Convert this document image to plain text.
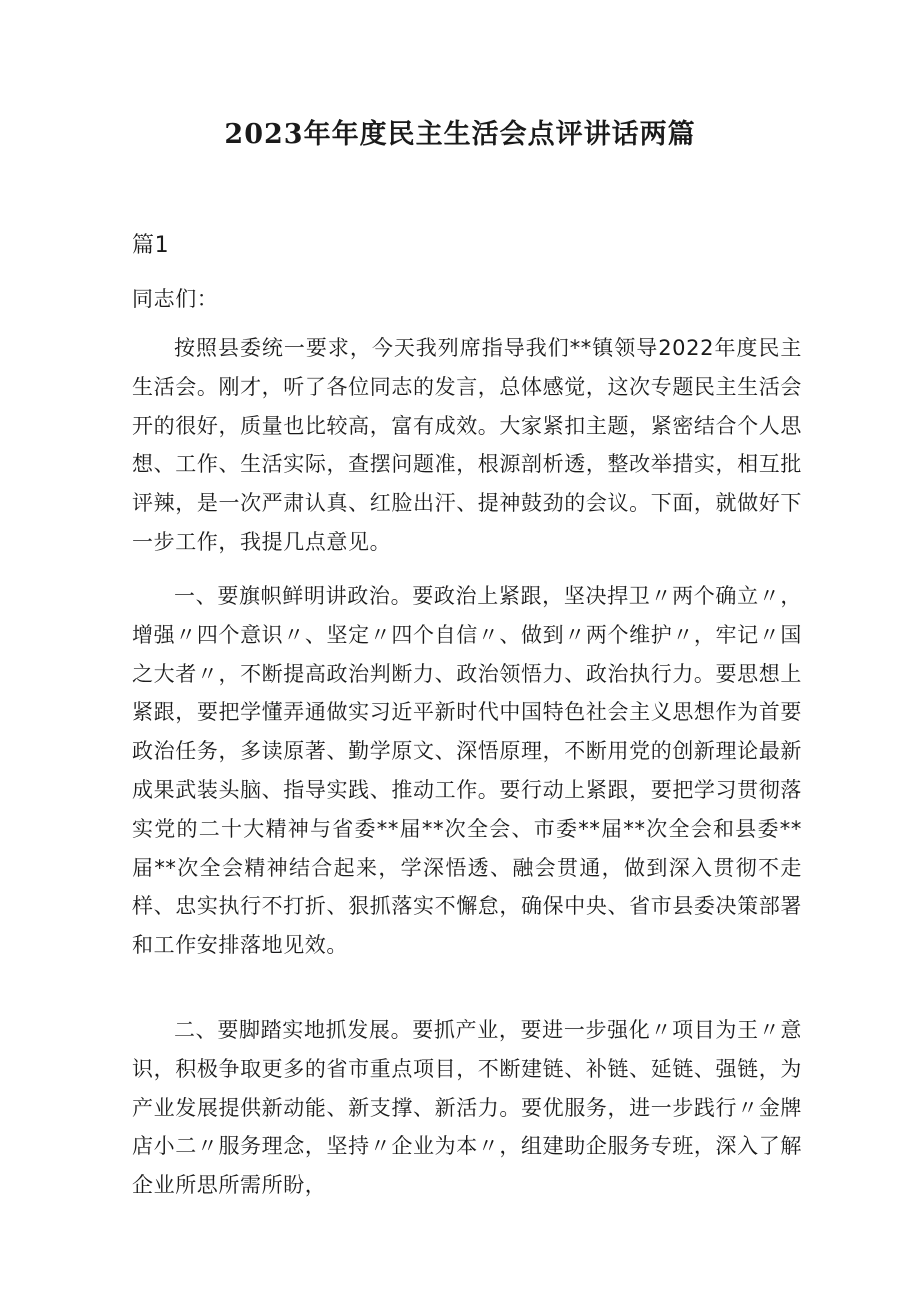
2023年年度民主生活会点评讲话两篇

篇1

同志们：

按照县委统一要求，今天我列席指导我们**镇领导2022年度民主生活会。刚才，听了各位同志的发言，总体感觉，这次专题民主生活会开的很好，质量也比较高，富有成效。大家紧扣主题，紧密结合个人思想、工作、生活实际，查摆问题准，根源剖析透，整改举措实，相互批评辣，是一次严肃认真、红脸出汗、提神鼓劲的会议。下面，就做好下一步工作，我提几点意见。

一、要旗帜鲜明讲政治。要政治上紧跟，坚决捍卫〃两个确立〃，增强〃四个意识〃、坚定〃四个自信〃、做到〃两个维护〃，牢记〃国之大者〃，不断提高政治判断力、政治领悟力、政治执行力。要思想上紧跟，要把学懂弄通做实习近平新时代中国特色社会主义思想作为首要政治任务，多读原著、勤学原文、深悟原理，不断用党的创新理论最新成果武装头脑、指导实践、推动工作。要行动上紧跟，要把学习贯彻落实党的二十大精神与省委**届**次全会、市委**届**次全会和县委**届**次全会精神结合起来，学深悟透、融会贯通，做到深入贯彻不走样、忠实执行不打折、狠抓落实不懈怠，确保中央、省市县委决策部署和工作安排落地见效。

二、要脚踏实地抓发展。要抓产业，要进一步强化〃项目为王〃意识，积极争取更多的省市重点项目，不断建链、补链、延链、强链，为产业发展提供新动能、新支撑、新活力。要优服务，进一步践行〃金牌店小二〃服务理念，坚持〃企业为本〃，组建助企服务专班，深入了解企业所思所需所盼，
